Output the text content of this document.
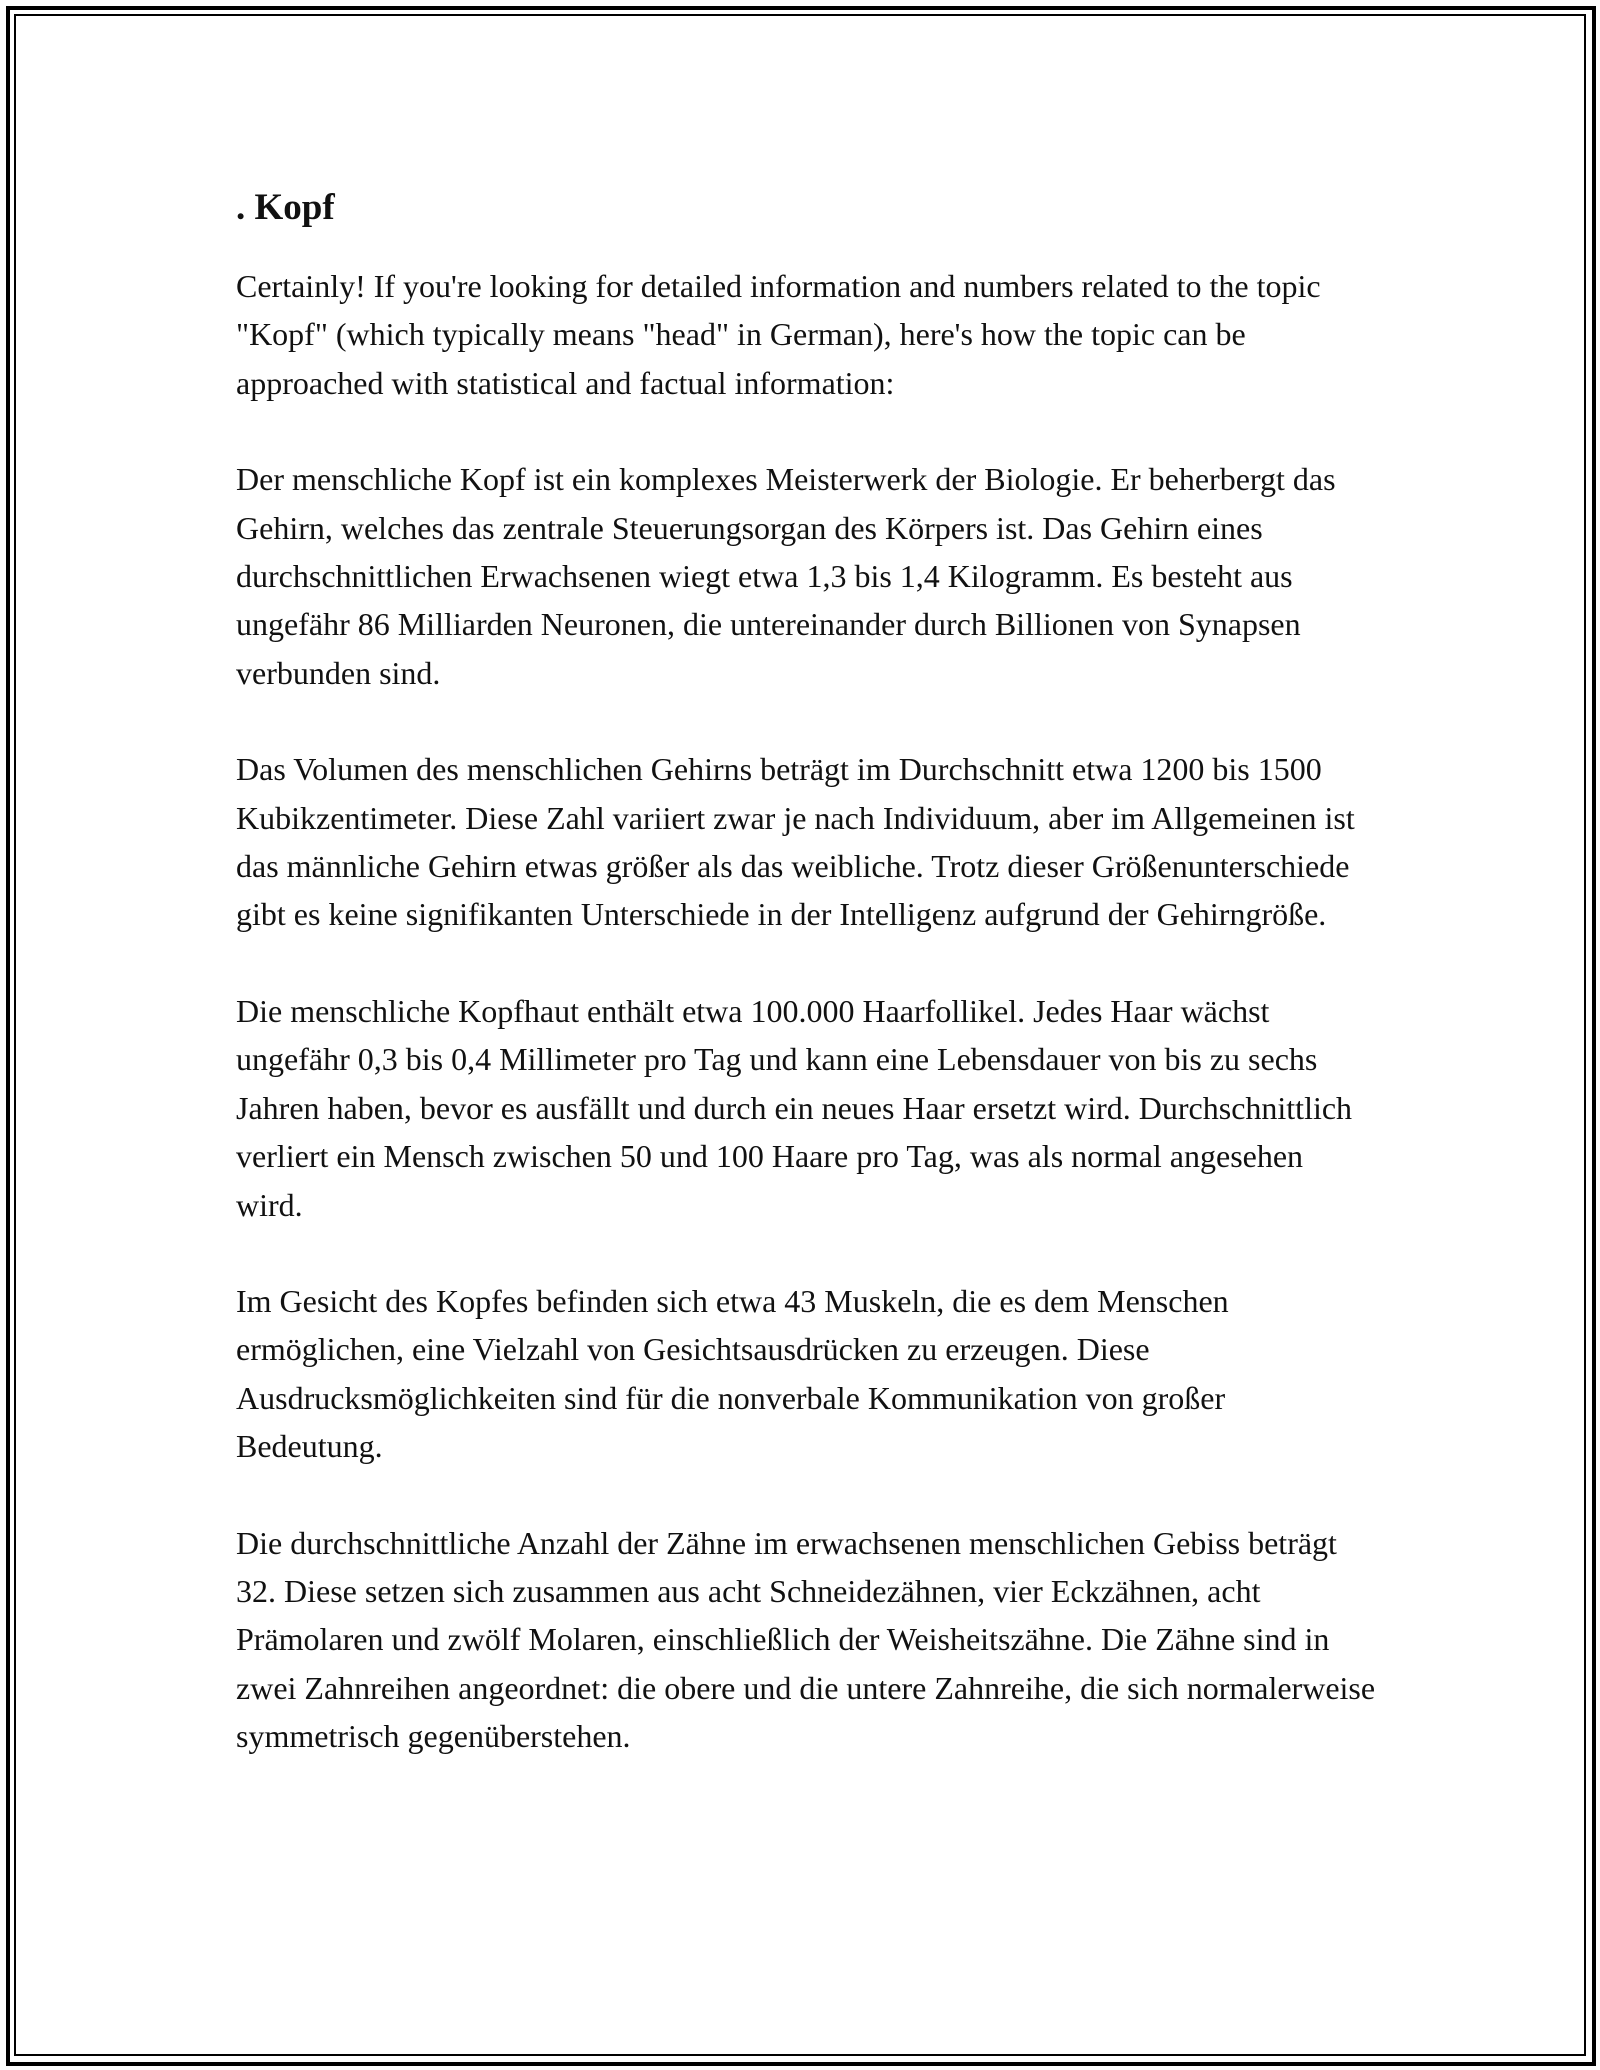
. Kopf

Certainly! If you're looking for detailed information and numbers related to the topic "Kopf" (which typically means "head" in German), here's how the topic can be approached with statistical and factual information:

Der menschliche Kopf ist ein komplexes Meisterwerk der Biologie. Er beherbergt das Gehirn, welches das zentrale Steuerungsorgan des Körpers ist. Das Gehirn eines durchschnittlichen Erwachsenen wiegt etwa 1,3 bis 1,4 Kilogramm. Es besteht aus ungefähr 86 Milliarden Neuronen, die untereinander durch Billionen von Synapsen verbunden sind.

Das Volumen des menschlichen Gehirns beträgt im Durchschnitt etwa 1200 bis 1500 Kubikzentimeter. Diese Zahl variiert zwar je nach Individuum, aber im Allgemeinen ist das männliche Gehirn etwas größer als das weibliche. Trotz dieser Größenunterschiede gibt es keine signifikanten Unterschiede in der Intelligenz aufgrund der Gehirngröße.

Die menschliche Kopfhaut enthält etwa 100.000 Haarfollikel. Jedes Haar wächst ungefähr 0,3 bis 0,4 Millimeter pro Tag und kann eine Lebensdauer von bis zu sechs Jahren haben, bevor es ausfällt und durch ein neues Haar ersetzt wird. Durchschnittlich verliert ein Mensch zwischen 50 und 100 Haare pro Tag, was als normal angesehen wird.

Im Gesicht des Kopfes befinden sich etwa 43 Muskeln, die es dem Menschen ermöglichen, eine Vielzahl von Gesichtsausdrücken zu erzeugen. Diese Ausdrucksmöglichkeiten sind für die nonverbale Kommunikation von großer Bedeutung.

Die durchschnittliche Anzahl der Zähne im erwachsenen menschlichen Gebiss beträgt 32. Diese setzen sich zusammen aus acht Schneidezähnen, vier Eckzähnen, acht Prämolaren und zwölf Molaren, einschließlich der Weisheitszähne. Die Zähne sind in zwei Zahnreihen angeordnet: die obere und die untere Zahnreihe, die sich normalerweise symmetrisch gegenüberstehen.
